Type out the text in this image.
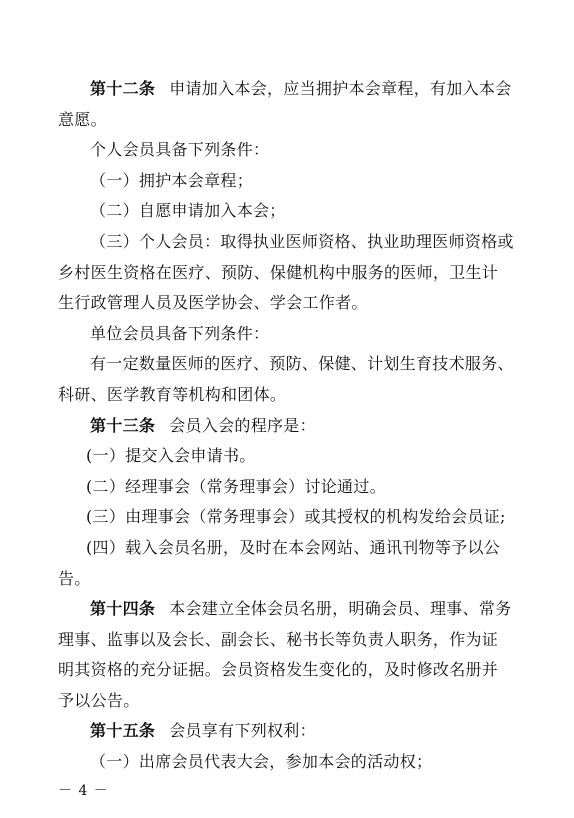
第十二条 申请加入本会，应当拥护本会章程，有加入本会意愿。

个人会员具备下列条件：

（一）拥护本会章程；

（二）自愿申请加入本会；

（三）个人会员：取得执业医师资格、执业助理医师资格或乡村医生资格在医疗、预防、保健机构中服务的医师，卫生计生行政管理人员及医学协会、学会工作者。

单位会员具备下列条件：

有一定数量医师的医疗、预防、保健、计划生育技术服务、科研、医学教育等机构和团体。

第十三条 会员入会的程序是：

(一）提交入会申请书。

(二）经理事会（常务理事会）讨论通过。

(三）由理事会（常务理事会）或其授权的机构发给会员证;

(四）载入会员名册，及时在本会网站、通讯刊物等予以公告。

第十四条 本会建立全体会员名册，明确会员、理事、常务理事、监事以及会长、副会长、秘书长等负责人职务，作为证明其资格的充分证据。会员资格发生变化的，及时修改名册并予以公告。

第十五条 会员享有下列权利：

（一）出席会员代表大会，参加本会的活动权；

－ 4 －
